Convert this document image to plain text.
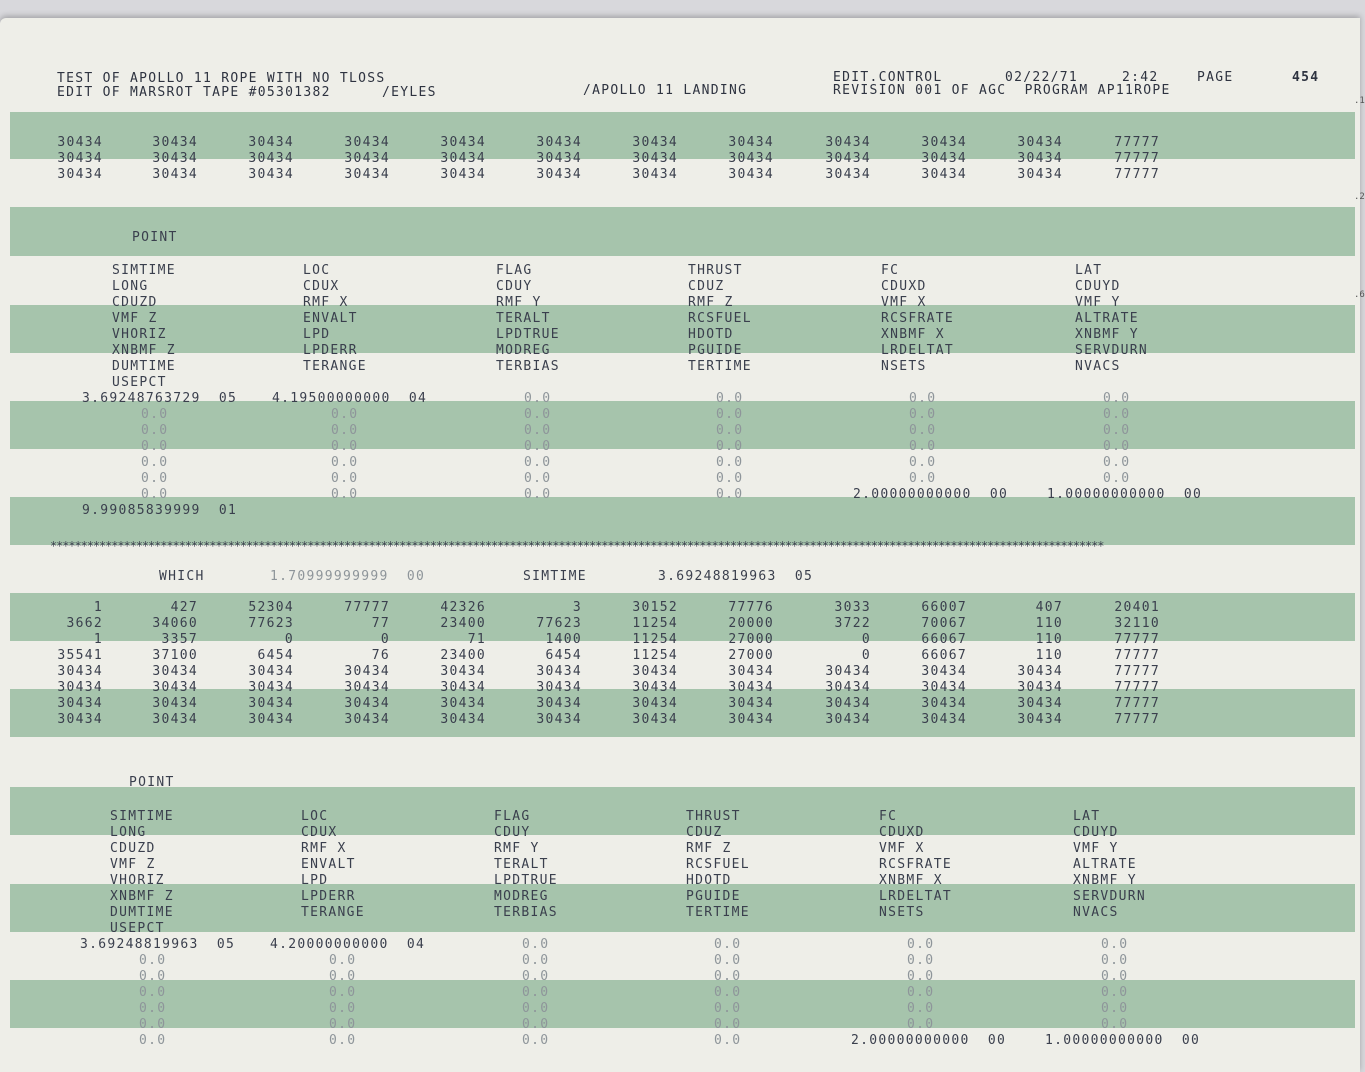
TEST OF APOLLO 11 ROPE WITH NO TLOSS
EDIT OF MARSROT TAPE #05301382	/EYLES	/APOLLO 11 LANDING
EDIT.CONTROL	02/22/71	2:42	PAGE	454
REVISION 001 OF AGC  PROGRAM AP11ROPE
30434	30434	30434	30434	30434	30434	30434	30434	30434	30434	30434	77777
30434	30434	30434	30434	30434	30434	30434	30434	30434	30434	30434	77777
30434	30434	30434	30434	30434	30434	30434	30434	30434	30434	30434	77777
POINT
SIMTIME	LOC	FLAG	THRUST	FC	LAT
LONG	CDUX	CDUY	CDUZ	CDUXD	CDUYD
CDUZD	RMF X	RMF Y	RMF Z	VMF X	VMF Y
VMF Z	ENVALT	TERALT	RCSFUEL	RCSFRATE	ALTRATE
VHORIZ	LPD	LPDTRUE	HDOTD	XNBMF X	XNBMF Y
XNBMF Z	LPDERR	MODREG	PGUIDE	LRDELTAT	SERVDURN
DUMTIME	TERANGE	TERBIAS	TERTIME	NSETS	NVACS
USEPCT
3.69248763729  05	4.19500000000  04	0.0	0.0	0.0	0.0
0.0	0.0	0.0	0.0	0.0	0.0
0.0	0.0	0.0	0.0	0.0	0.0
0.0	0.0	0.0	0.0	0.0	0.0
0.0	0.0	0.0	0.0	0.0	0.0
0.0	0.0	0.0	0.0	0.0	0.0
0.0	0.0	0.0	0.0	2.00000000000  00	1.00000000000  00
9.99085839999  01
****************************************************************************************************************************************************************************
WHICH	1.70999999999  00	SIMTIME	3.69248819963  05
1	427	52304	77777	42326	3	30152	77776	3033	66007	407	20401
3662	34060	77623	77	23400	77623	11254	20000	3722	70067	110	32110
1	3357	0	0	71	1400	11254	27000	0	66067	110	77777
35541	37100	6454	76	23400	6454	11254	27000	0	66067	110	77777
30434	30434	30434	30434	30434	30434	30434	30434	30434	30434	30434	77777
30434	30434	30434	30434	30434	30434	30434	30434	30434	30434	30434	77777
30434	30434	30434	30434	30434	30434	30434	30434	30434	30434	30434	77777
30434	30434	30434	30434	30434	30434	30434	30434	30434	30434	30434	77777
POINT
SIMTIME	LOC	FLAG	THRUST	FC	LAT
LONG	CDUX	CDUY	CDUZ	CDUXD	CDUYD
CDUZD	RMF X	RMF Y	RMF Z	VMF X	VMF Y
VMF Z	ENVALT	TERALT	RCSFUEL	RCSFRATE	ALTRATE
VHORIZ	LPD	LPDTRUE	HDOTD	XNBMF X	XNBMF Y
XNBMF Z	LPDERR	MODREG	PGUIDE	LRDELTAT	SERVDURN
DUMTIME	TERANGE	TERBIAS	TERTIME	NSETS	NVACS
USEPCT
3.69248819963  05	4.20000000000  04	0.0	0.0	0.0	0.0
0.0	0.0	0.0	0.0	0.0	0.0
0.0	0.0	0.0	0.0	0.0	0.0
0.0	0.0	0.0	0.0	0.0	0.0
0.0	0.0	0.0	0.0	0.0	0.0
0.0	0.0	0.0	0.0	0.0	0.0
0.0	0.0	0.0	0.0	2.00000000000  00	1.00000000000  00
.1
.2
.6
